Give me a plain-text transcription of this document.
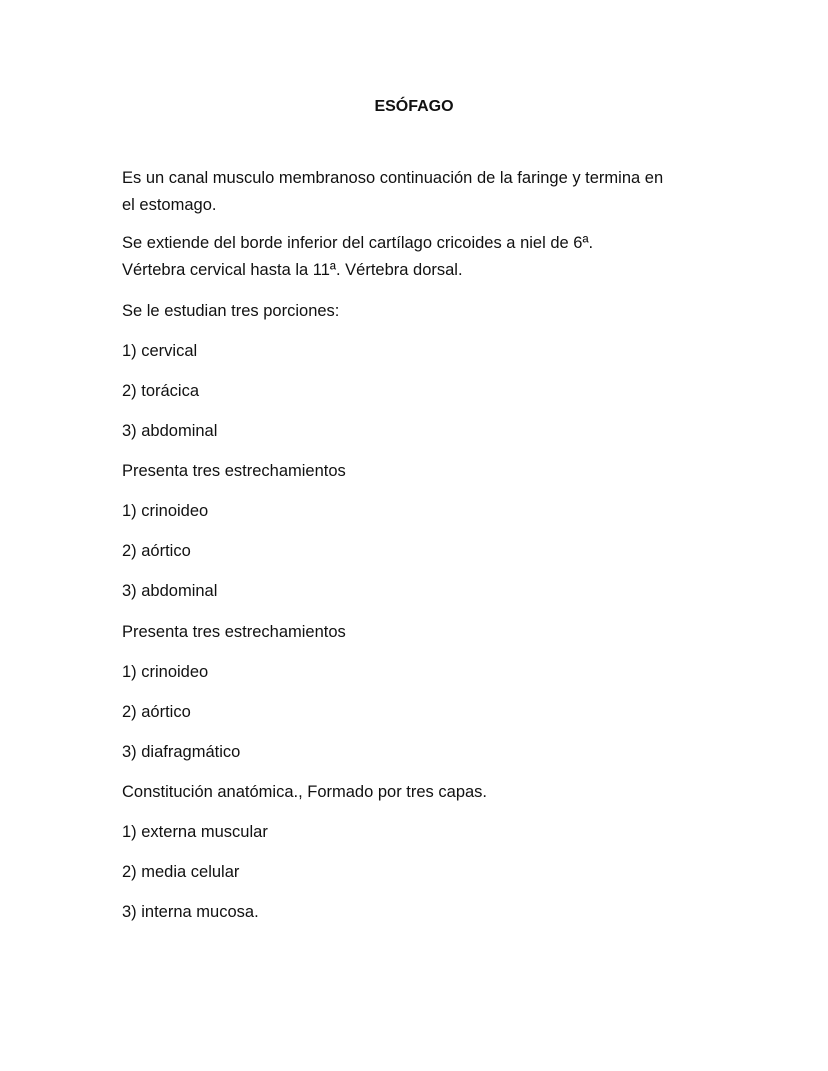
ESÓFAGO
Es un canal musculo membranoso continuación de la faringe y termina en
el estomago.
Se extiende del borde inferior del cartílago cricoides a niel de 6ª.
Vértebra cervical hasta la 11ª. Vértebra dorsal.
Se le estudian tres porciones:
1) cervical
2) torácica
3) abdominal
Presenta tres estrechamientos
1) crinoideo
2) aórtico
3) abdominal
Presenta tres estrechamientos
1) crinoideo
2) aórtico
3) diafragmático
Constitución anatómica., Formado por tres capas.
1) externa muscular
2) media celular
3) interna mucosa.
